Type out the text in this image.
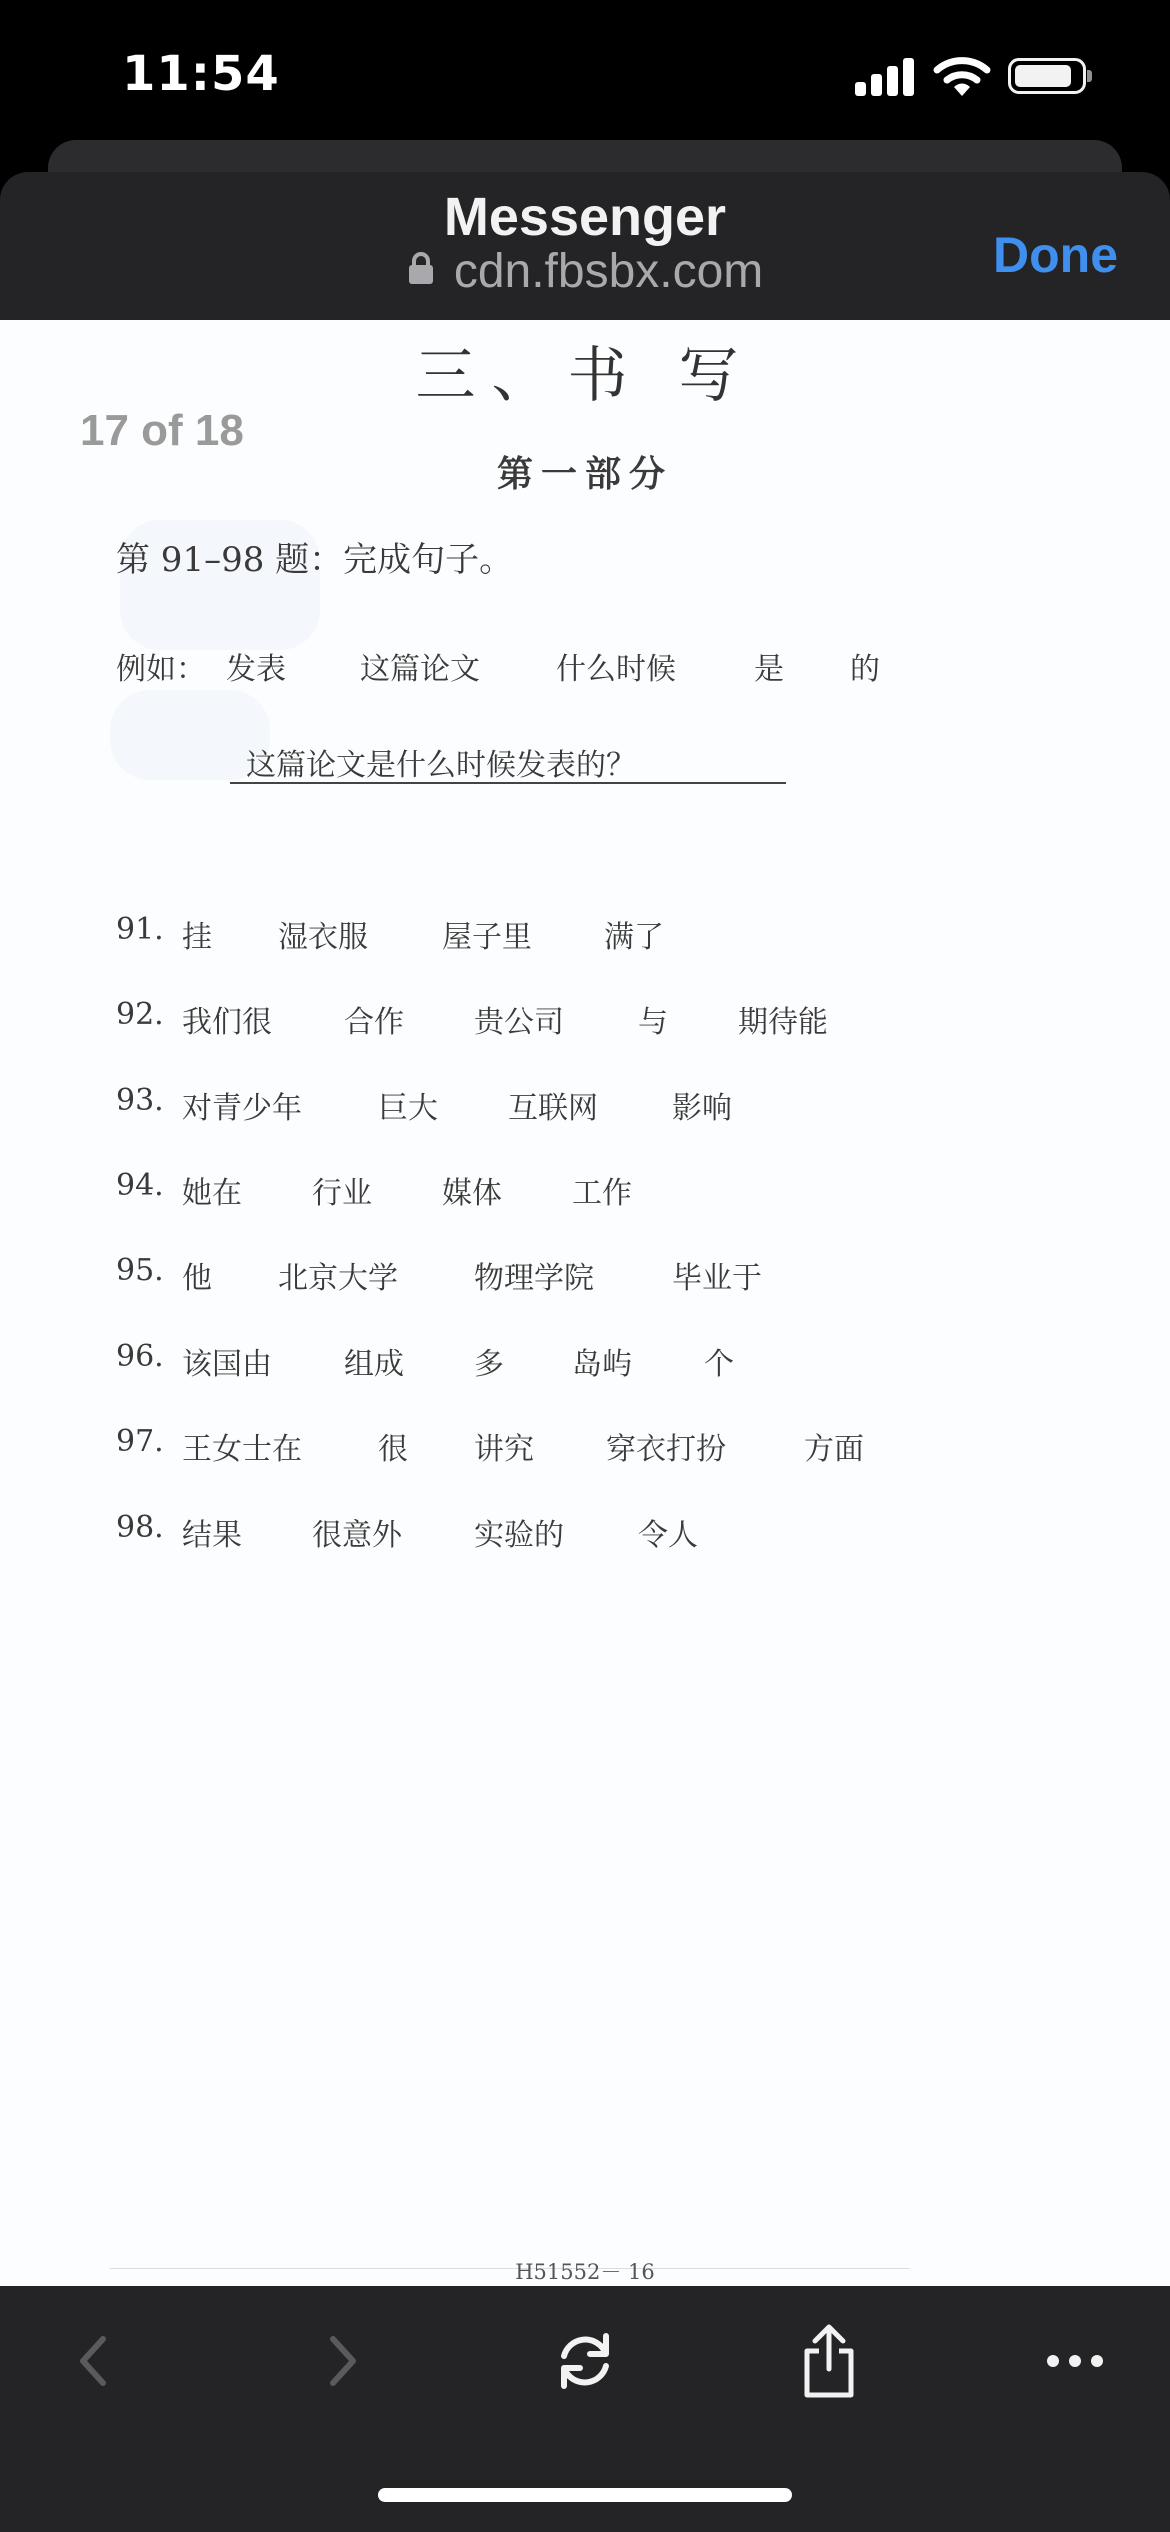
11:54
Messenger
cdn.fbsbx.com	Done
三、书 写
17 of 18
第一部分
第 91–98 题：完成句子。
例如： 发表 这篇论文	什么时候	是 的
这篇论文是什么时候发表的？
91. 挂 湿衣服 屋子里 满了
92. 我们很 合作 贵公司 与 期待能
93. 对青少年	巨大 互联网 影响
94. 她在 行业 媒体 工作
95. 他 北京大学	物理学院	毕业于
96. 该国由 组成 多 岛屿 个
97. 王女士在	很 讲究 穿衣打扮	方面
98. 结果 很意外 实验的 令人
H51552－ 16
